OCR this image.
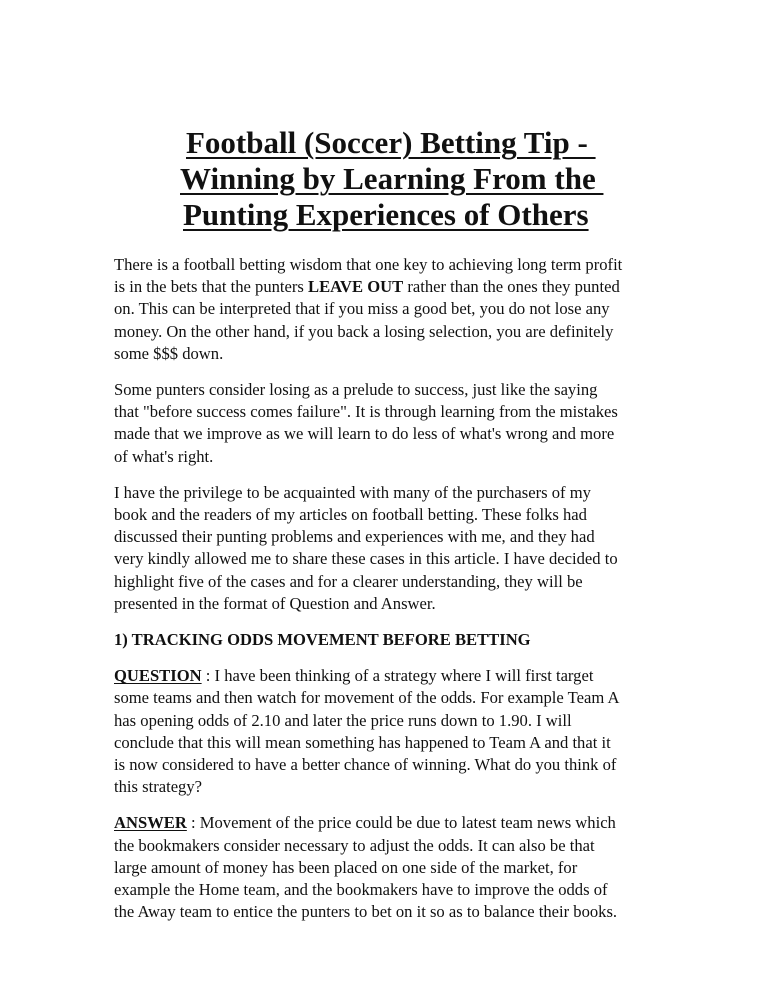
Football (Soccer) Betting Tip -
Winning by Learning From the
Punting Experiences of Others

There is a football betting wisdom that one key to achieving long term profit
is in the bets that the punters LEAVE OUT rather than the ones they punted
on. This can be interpreted that if you miss a good bet, you do not lose any
money. On the other hand, if you back a losing selection, you are definitely
some $$$ down.

Some punters consider losing as a prelude to success, just like the saying
that "before success comes failure". It is through learning from the mistakes
made that we improve as we will learn to do less of what's wrong and more
of what's right.

I have the privilege to be acquainted with many of the purchasers of my
book and the readers of my articles on football betting. These folks had
discussed their punting problems and experiences with me, and they had
very kindly allowed me to share these cases in this article. I have decided to
highlight five of the cases and for a clearer understanding, they will be
presented in the format of Question and Answer.

1) TRACKING ODDS MOVEMENT BEFORE BETTING

QUESTION : I have been thinking of a strategy where I will first target
some teams and then watch for movement of the odds. For example Team A
has opening odds of 2.10 and later the price runs down to 1.90. I will
conclude that this will mean something has happened to Team A and that it
is now considered to have a better chance of winning. What do you think of
this strategy?

ANSWER : Movement of the price could be due to latest team news which
the bookmakers consider necessary to adjust the odds. It can also be that
large amount of money has been placed on one side of the market, for
example the Home team, and the bookmakers have to improve the odds of
the Away team to entice the punters to bet on it so as to balance their books.
